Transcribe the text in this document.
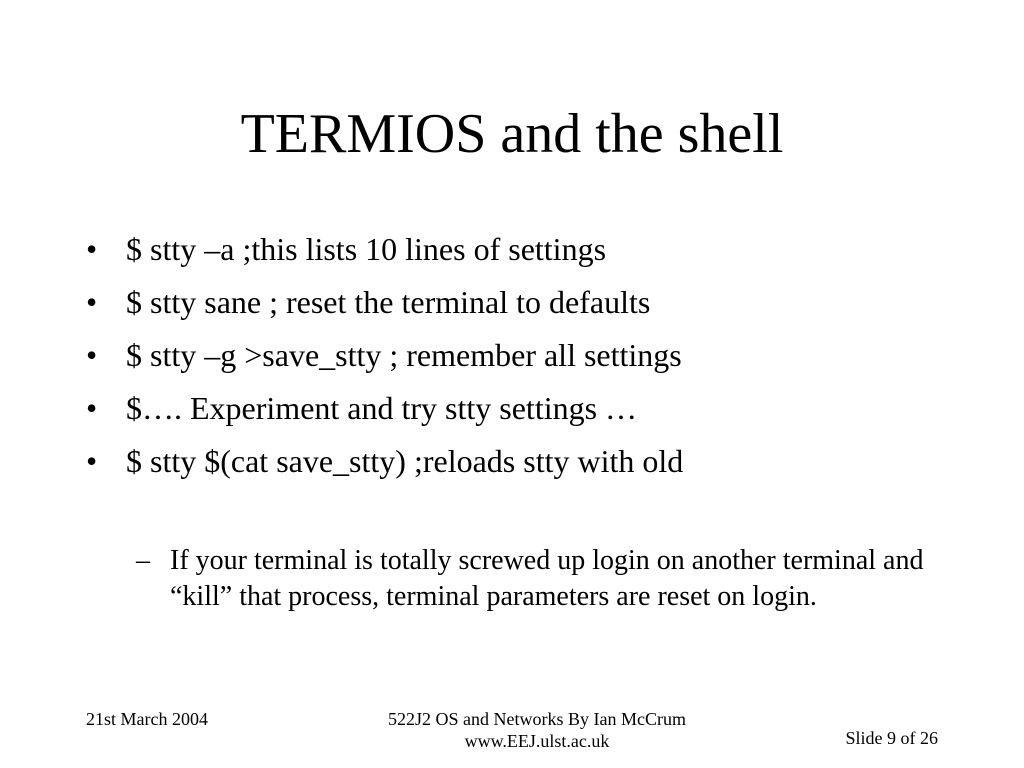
TERMIOS and the shell
• $ stty –a ;this lists 10 lines of settings
• $ stty sane ; reset the terminal to defaults
• $ stty –g >save_stty ; remember all settings
• $…. Experiment and try stty settings …
• $ stty $(cat save_stty) ;reloads stty with old
– If your terminal is totally screwed up login on another terminal and “kill” that process, terminal parameters are reset on login.
21st March 2004	522J2 OS and Networks By Ian McCrum
www.EEJ.ulst.ac.uk	Slide 9 of 26
